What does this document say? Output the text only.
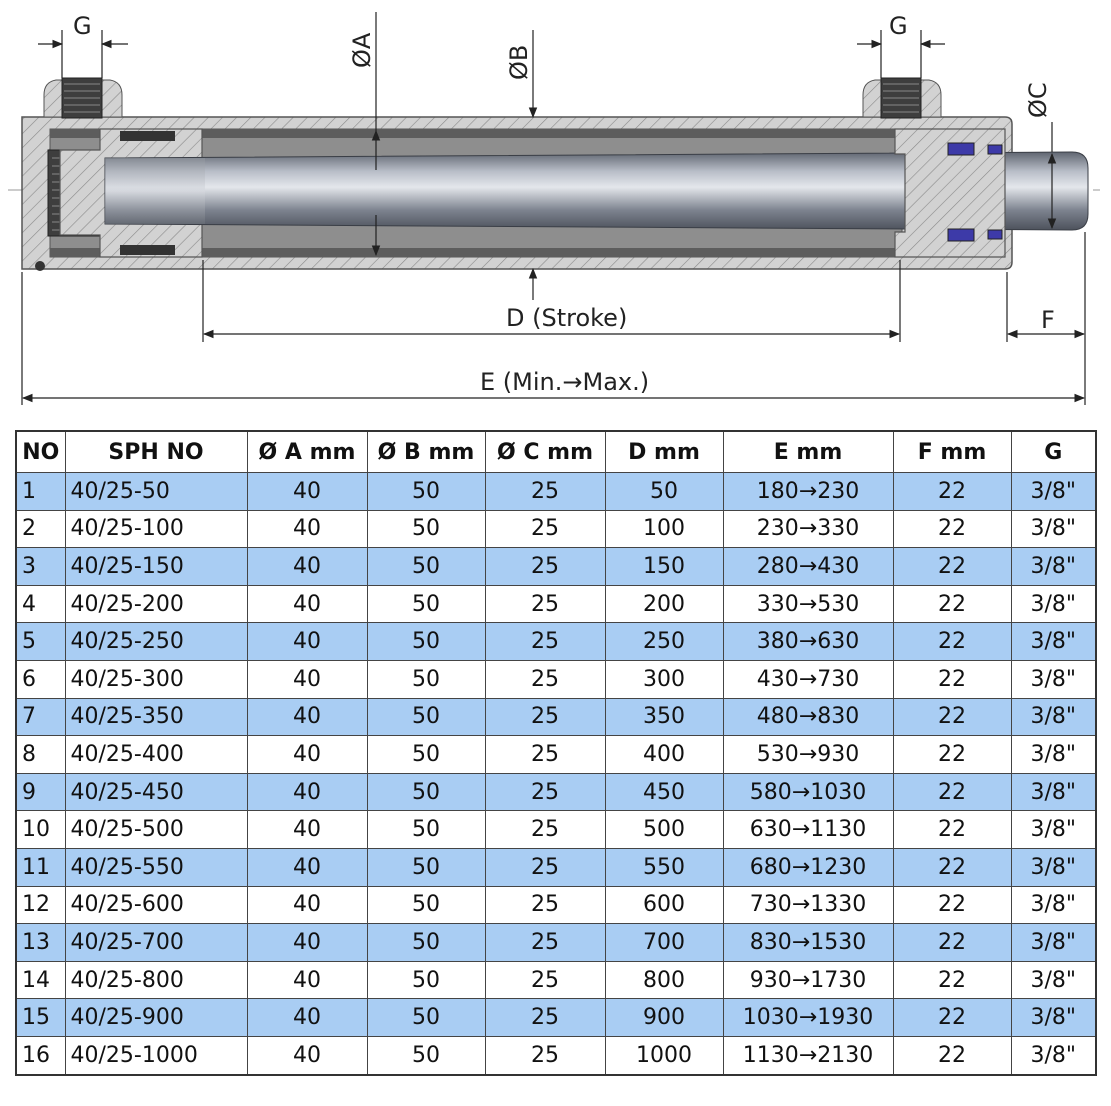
G	G
ØA	ØB
ØC
D (Stroke)	F
E (Min.→Max.)
NO	SPH NO	Ø A mm	Ø B mm	Ø C mm	D mm	E mm	F mm	G
1	40/25-50	40	50	25	50	180→230	22	3/8"
2	40/25-100	40	50	25	100	230→330	22	3/8"
3	40/25-150	40	50	25	150	280→430	22	3/8"
4	40/25-200	40	50	25	200	330→530	22	3/8"
5	40/25-250	40	50	25	250	380→630	22	3/8"
6	40/25-300	40	50	25	300	430→730	22	3/8"
7	40/25-350	40	50	25	350	480→830	22	3/8"
8	40/25-400	40	50	25	400	530→930	22	3/8"
9	40/25-450	40	50	25	450	580→1030	22	3/8"
10	40/25-500	40	50	25	500	630→1130	22	3/8"
11	40/25-550	40	50	25	550	680→1230	22	3/8"
12	40/25-600	40	50	25	600	730→1330	22	3/8"
13	40/25-700	40	50	25	700	830→1530	22	3/8"
14	40/25-800	40	50	25	800	930→1730	22	3/8"
15	40/25-900	40	50	25	900	1030→1930	22	3/8"
16	40/25-1000	40	50	25	1000	1130→2130	22	3/8"
